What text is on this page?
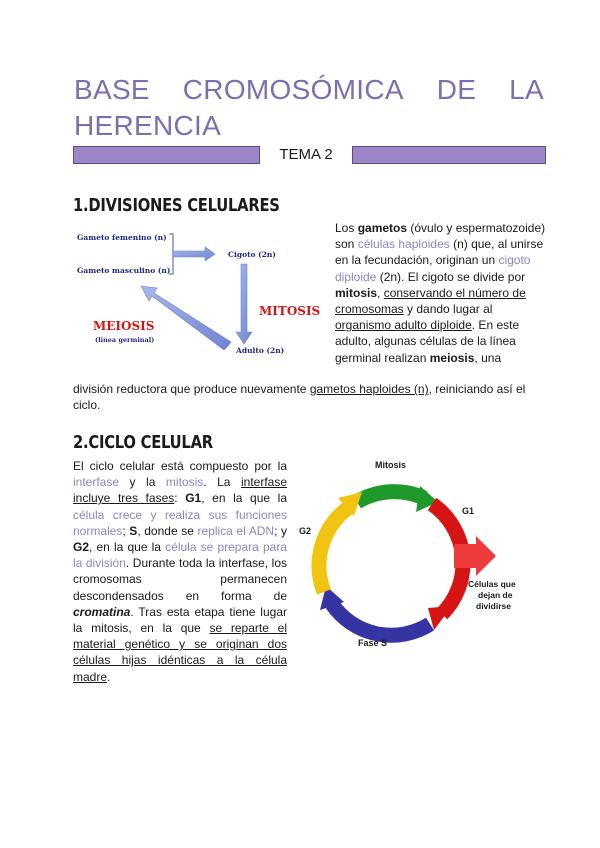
BASE CROMOSÓMICA DE LA
HERENCIA
TEMA 2
1.DIVISIONES CELULARES
Gameto femenino (n)
Gameto masculino (n)
Cigoto (2n)
MITOSIS
MEIOSIS
(línea germinal)
Adulto (2n)
Los gametos (óvulo y espermatozoide) son células haploides (n) que, al unirse en la fecundación, originan un cigoto diploide (2n). El cigoto se divide por mitosis, conservando el número de cromosomas y dando lugar al organismo adulto diploide. En este adulto, algunas células de la línea germinal realizan meiosis, una
división reductora que produce nuevamente gametos haploides (n), reiniciando así el ciclo.
2.CICLO CELULAR
El ciclo celular está compuesto por la interfase y la mitosis. La interfase incluye tres fases: G1, en la que la célula crece y realiza sus funciones normales; S, donde se replica el ADN; y G2, en la que la célula se prepara para la división. Durante toda la interfase, los cromosomas permanecen descondensados en forma de cromatina. Tras esta etapa tiene lugar la mitosis, en la que se reparte el material genético y se originan dos células hijas idénticas a la célula madre.
Mitosis
G1
G2
Fase S
Células que
dejan de
dividirse
